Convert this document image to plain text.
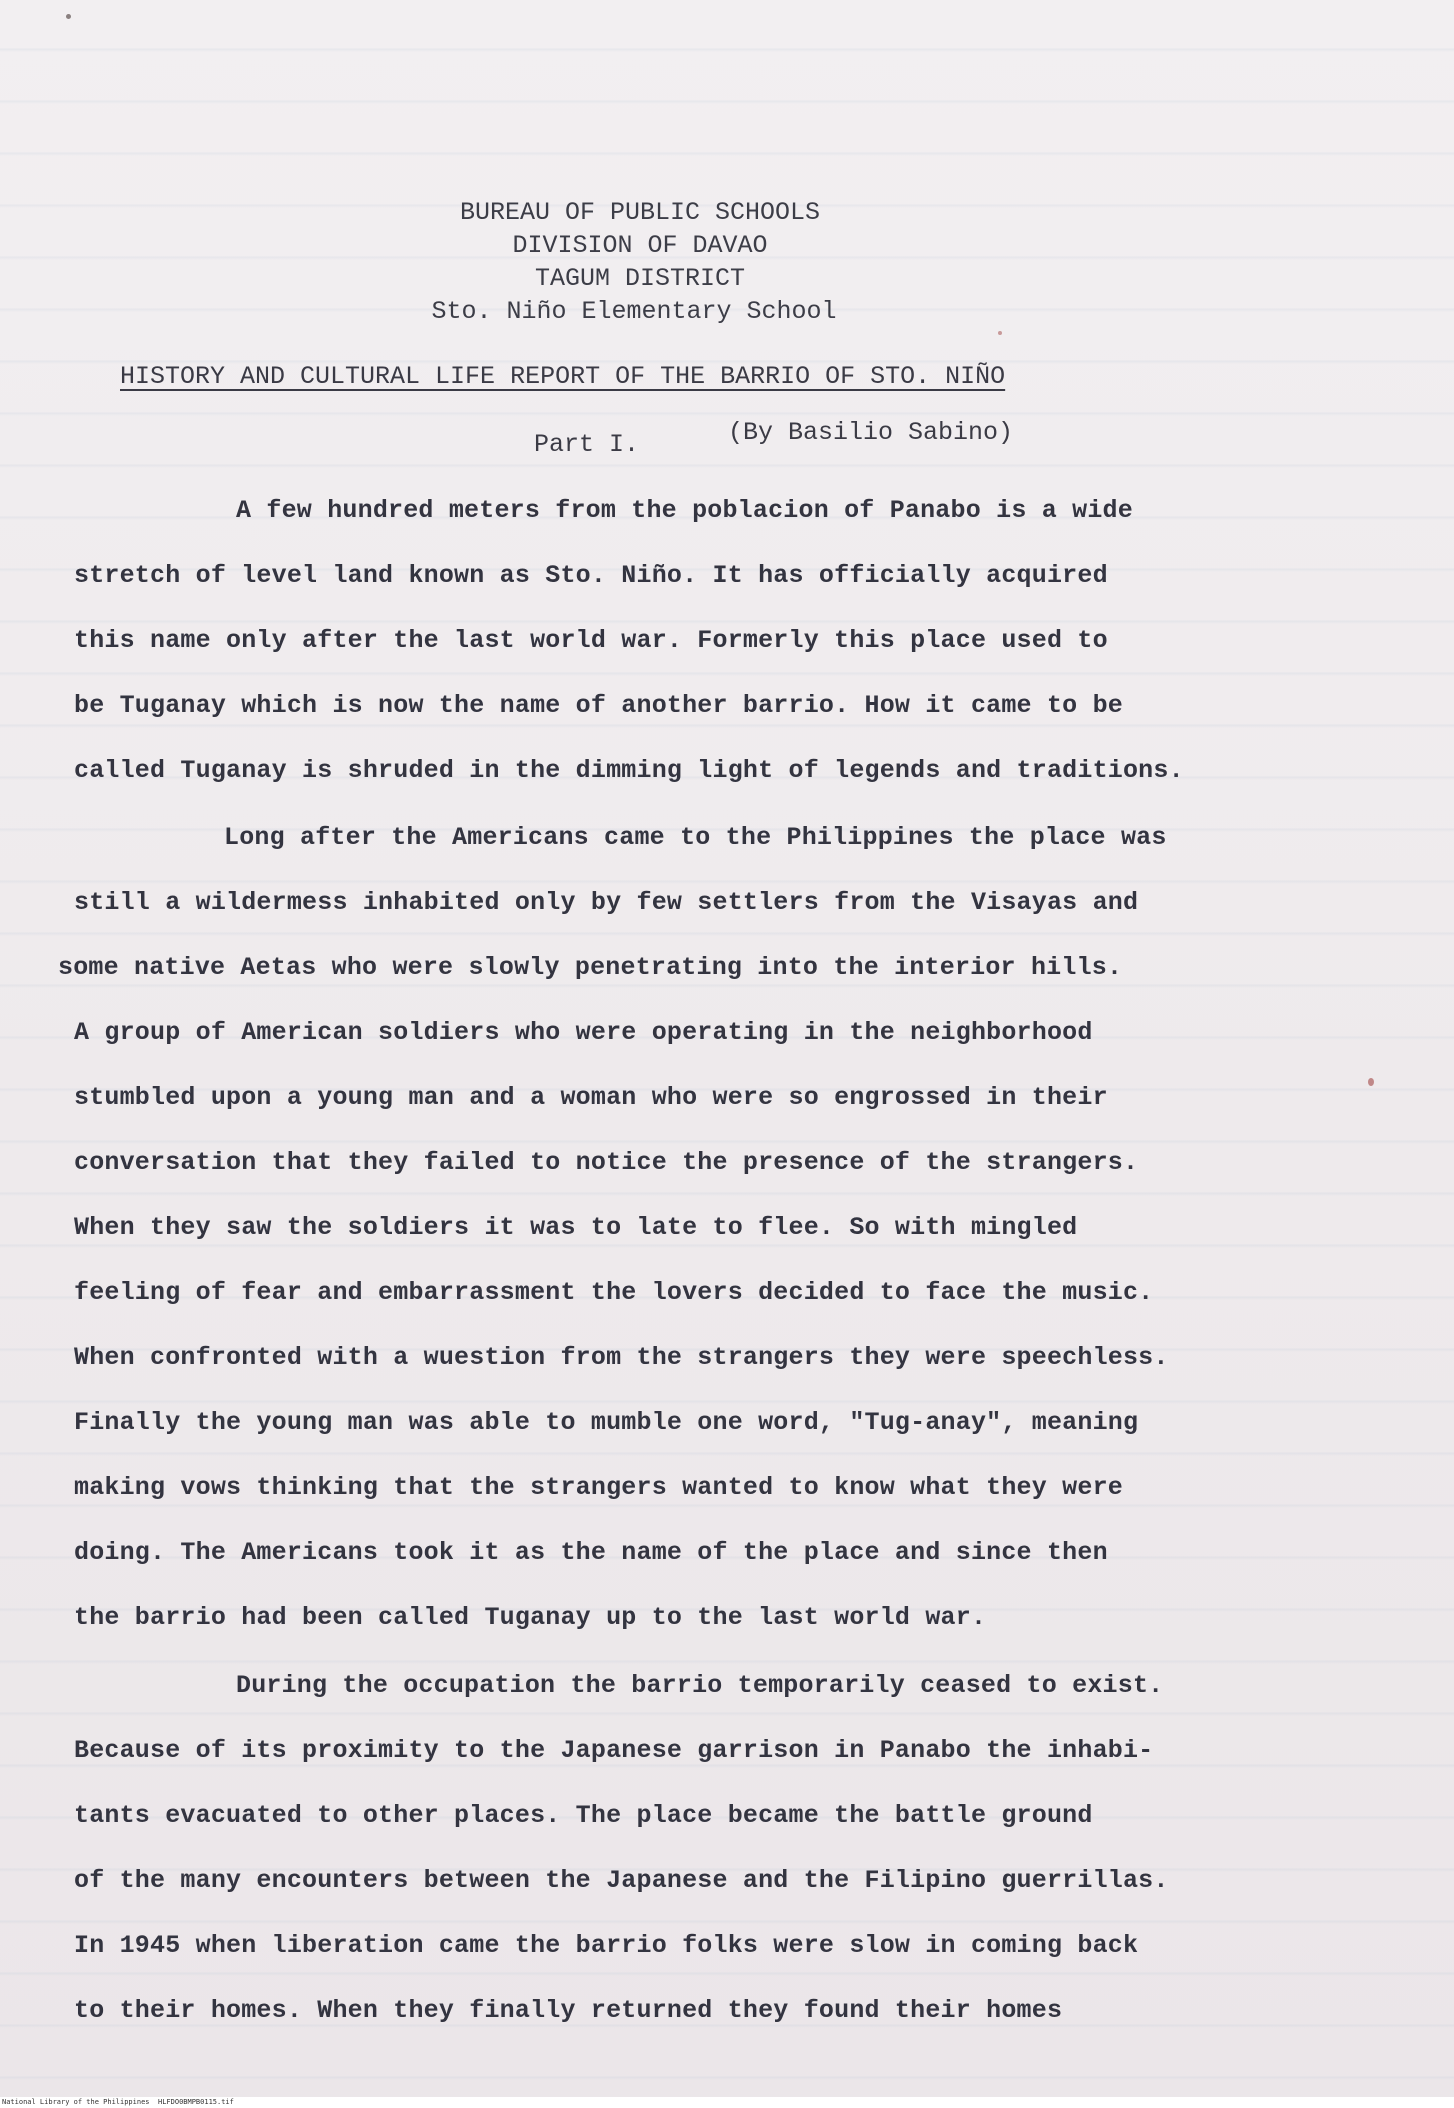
BUREAU OF PUBLIC SCHOOLS
DIVISION OF DAVAO
TAGUM DISTRICT
Sto. Niño Elementary School
HISTORY AND CULTURAL LIFE REPORT OF THE BARRIO OF STO. NIÑO
Part I.	(By Basilio Sabino)
A few hundred meters from the poblacion of Panabo is a wide
stretch of level land known as Sto. Niño. It has officially acquired
this name only after the last world war. Formerly this place used to
be Tuganay which is now the name of another barrio. How it came to be
called Tuganay is shruded in the dimming light of legends and traditions.
Long after the Americans came to the Philippines the place was
still a wildermess inhabited only by few settlers from the Visayas and
some native Aetas who were slowly penetrating into the interior hills.
A group of American soldiers who were operating in the neighborhood
stumbled upon a young man and a woman who were so engrossed in their
conversation that they failed to notice the presence of the strangers.
When they saw the soldiers it was to late to flee. So with mingled
feeling of fear and embarrassment the lovers decided to face the music.
When confronted with a wuestion from the strangers they were speechless.
Finally the young man was able to mumble one word, "Tug-anay", meaning
making vows thinking that the strangers wanted to know what they were
doing. The Americans took it as the name of the place and since then
the barrio had been called Tuganay up to the last world war.
During the occupation the barrio temporarily ceased to exist.
Because of its proximity to the Japanese garrison in Panabo the inhabi-
tants evacuated to other places. The place became the battle ground
of the many encounters between the Japanese and the Filipino guerrillas.
In 1945 when liberation came the barrio folks were slow in coming back
to their homes. When they finally returned they found their homes
National Library of the Philippines HLFDO0BMPB0115.tif
